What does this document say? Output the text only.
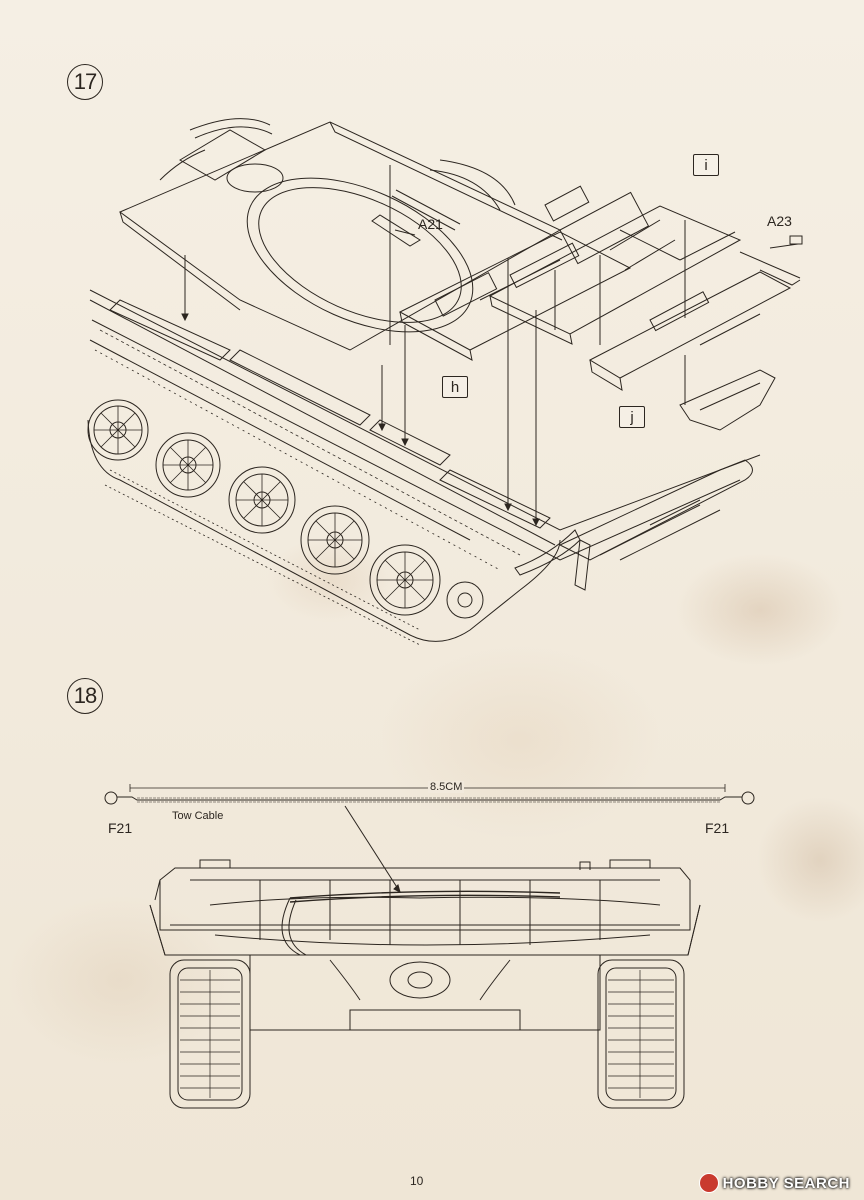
17
A21	A23
h
i
j
18
8.5CM
F21
Tow Cable
F21
10	HOBBY SEARCH
